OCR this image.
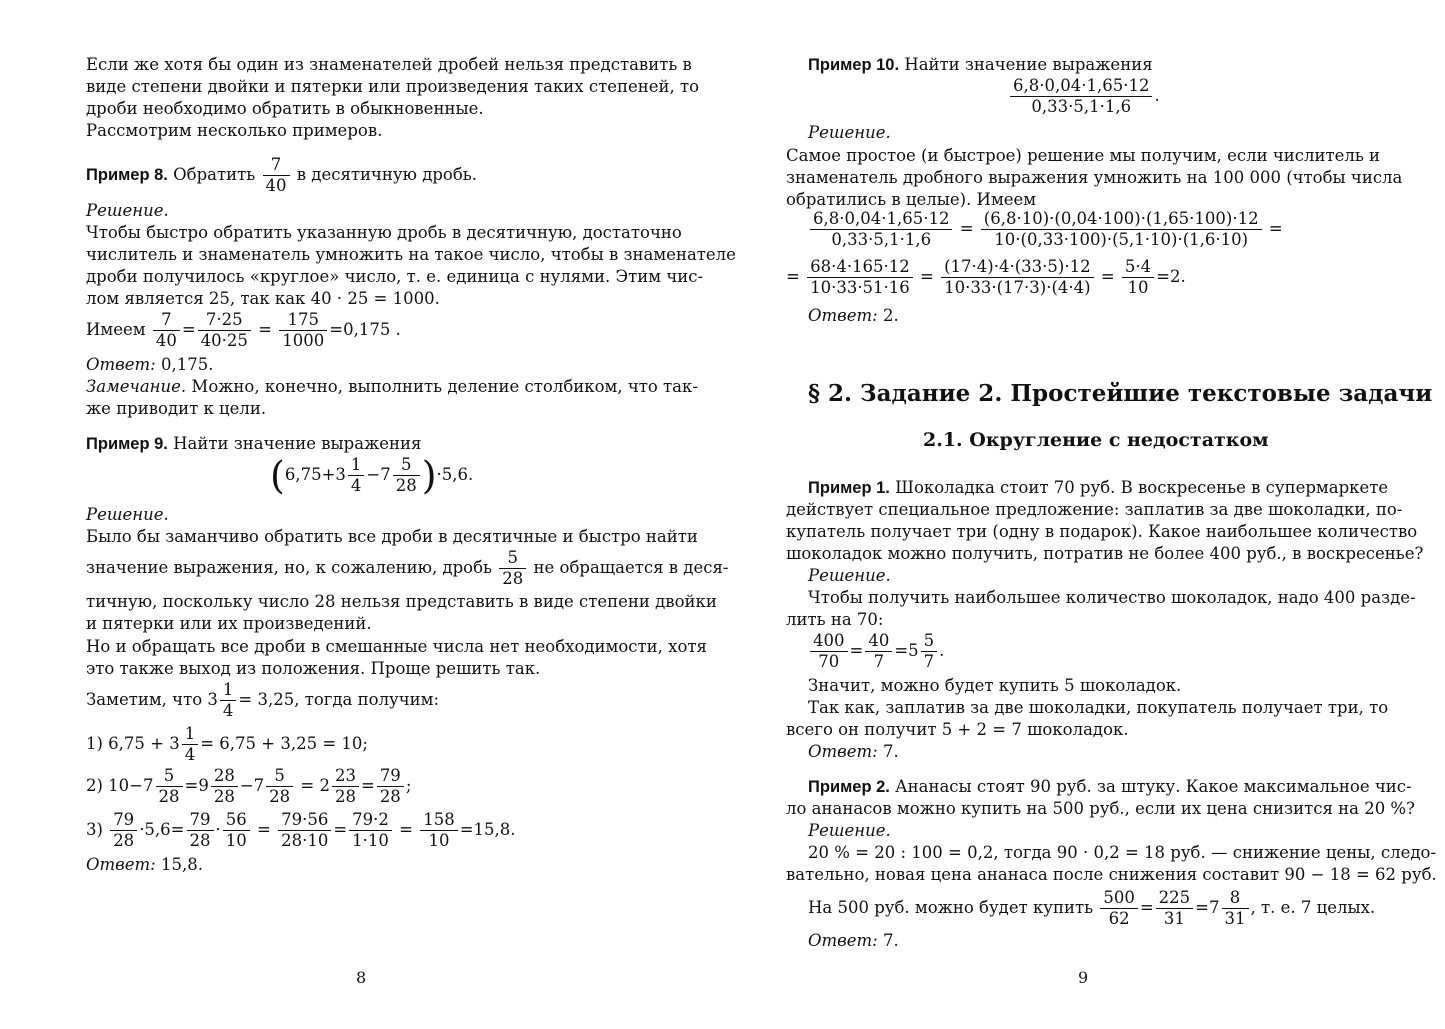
Если же хотя бы один из знаменателей дробей нельзя представить в
виде степени двойки и пятерки или произведения таких степеней, то
дроби необходимо обратить в обыкновенные.
Рассмотрим несколько примеров.
Пример 8. Обратить $\frac{7}{40}$ в десятичную дробь.
Решение.
Чтобы быстро обратить указанную дробь в десятичную, достаточно
числитель и знаменатель умножить на такое число, чтобы в знаменателе
дроби получилось «круглое» число, т. е. единица с нулями. Этим чис-
лом является 25, так как 40 · 25 = 1000.
Имеем $\frac{7}{40} = \frac{7\cdot 25}{40\cdot 25} = \frac{175}{1000} =0,175$ .
Ответ: 0,175.
Замечание. Можно, конечно, выполнить деление столбиком, что так-
же приводит к цели.
Пример 9. Найти значение выражения
$(6,75+3 \frac{1}{4} -7 \frac{5}{28} )\cdot 5,6$.
Решение.
Было бы заманчиво обратить все дроби в десятичные и быстро найти
значение выражения, но, к сожалению, дробь $\frac{5}{28}$ не обращается в деся-
тичную, поскольку число 28 нельзя представить в виде степени двойки
и пятерки или их произведений.
Но и обращать все дроби в смешанные числа нет необходимости, хотя
это также выход из положения. Проще решить так.
Заметим, что $3 \frac{1}{4} = 3,25$, тогда получим:
1) $6,75 + 3 \frac{1}{4} = 6,75 + 3,25 = 10$;
2) $10-7 \frac{5}{28} =9 \frac{28}{28} -7 \frac{5}{28} = 2 \frac{23}{28} = \frac{79}{28}$ ;
$3) \frac{79}{28} \cdot 5,6= \frac{79}{28} \cdot \frac{56}{10} = \frac{79\cdot 56}{28\cdot 10} = \frac{79\cdot 2}{1\cdot 10} = \frac{158}{10} =15,8$.
Ответ: 15,8.
8
Пример 10. Найти значение выражения
$\frac{6,8\cdot 0,04\cdot 1,65\cdot 12}{0,33\cdot 5,1\cdot 1,6}$ .
Решение.
Самое простое (и быстрое) решение мы получим, если числитель и
знаменатель дробного выражения умножить на 100 000 (чтобы числа
обратились в целые). Имеем
$\frac{6,8\cdot 0,04\cdot 1,65\cdot 12}{0,33\cdot 5,1\cdot 1,6} = \frac{(6,8\cdot 10)\cdot(0,04\cdot 100)\cdot(1,65\cdot 100)\cdot 12}{10\cdot(0,33\cdot 100)\cdot(5,1\cdot 10)\cdot(1,6\cdot 10)}$ =
= $\frac{68\cdot 4\cdot 165\cdot 12}{10\cdot 33\cdot 51\cdot 16} = \frac{(17\cdot 4)\cdot 4\cdot(33\cdot 5)\cdot 12}{10\cdot 33\cdot(17\cdot 3)\cdot(4\cdot 4)} = \frac{5\cdot 4}{10} =2$.
Ответ: 2.
§ 2. Задание 2. Простейшие текстовые задачи
2.1. Округление с недостатком
Пример 1. Шоколадка стоит 70 руб. В воскресенье в супермаркете
действует специальное предложение: заплатив за две шоколадки, по-
купатель получает три (одну в подарок). Какое наибольшее количество
шоколадок можно получить, потратив не более 400 руб., в воскресенье?
Решение.
Чтобы получить наибольшее количество шоколадок, надо 400 разде-
лить на 70:
$\frac{400}{70} = \frac{40}{7} =5 \frac{5}{7}$ .
Значит, можно будет купить 5 шоколадок.
Так как, заплатив за две шоколадки, покупатель получает три, то
всего он получит 5 + 2 = 7 шоколадок.
Ответ: 7.
Пример 2. Ананасы стоят 90 руб. за штуку. Какое максимальное чис-
ло ананасов можно купить на 500 руб., если их цена снизится на 20 %?
Решение.
20 % = 20 : 100 = 0,2, тогда 90 · 0,2 = 18 руб. — снижение цены, следо-
вательно, новая цена ананаса после снижения составит 90 − 18 = 62 руб.
На 500 руб. можно будет купить $\frac{500}{62} = \frac{225}{31} =7 \frac{8}{31}$ , т. е. 7 целых.
Ответ: 7.
9
